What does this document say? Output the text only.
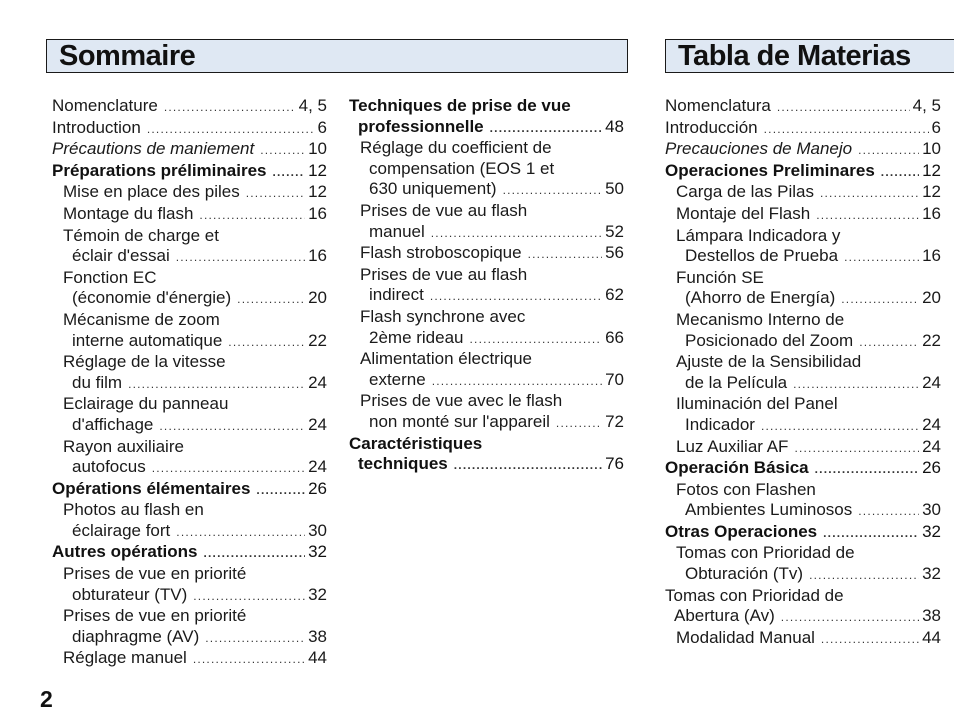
Sommaire	Tabla de Materias
Nomenclature .....	4, 5
Introduction .....	6
Précautions de maniement .....	10
Préparations préliminaires ..... 12
Mise en place des piles .....	12
Montage du flash .....	16
Témoin de charge et
éclair d'essai .....	16
Fonction EC
(économie d'énergie) .....	20
Mécanisme de zoom
interne automatique .....	22
Réglage de la vitesse
du film .....	24
Eclairage du panneau
d'affichage .....	24
Rayon auxiliaire
autofocus .....	24
Opérations élémentaires .....	26
Photos au flash en
éclairage fort .....	30
Autres opérations .....	32
Prises de vue en priorité
obturateur (TV) .....	32
Prises de vue en priorité
diaphragme (AV) .....	38
Réglage manuel .....	44
Techniques de prise de vue
professionnelle .....	48
Réglage du coefficient de
compensation (EOS 1 et
630 uniquement) .....	50
Prises de vue au flash
manuel .....	52
Flash stroboscopique .....	56
Prises de vue au flash
indirect .....	62
Flash synchrone avec
2ème rideau .....	66
Alimentation électrique
externe .....	70
Prises de vue avec le flash
non monté sur l'appareil .....	72
Caractéristiques
techniques .....	76
Nomenclatura .....	4, 5
Introducción .....	6
Precauciones de Manejo .....	10
Operaciones Preliminares .....	12
Carga de las Pilas .....	12
Montaje del Flash .....	16
Lámpara Indicadora y
Destellos de Prueba .....	16
Función SE
(Ahorro de Energía) .....	20
Mecanismo Interno de
Posicionado del Zoom .....	22
Ajuste de la Sensibilidad
de la Película .....	24
Iluminación del Panel
Indicador .....	24
Luz Auxiliar AF .....	24
Operación Básica .....	26
Fotos con Flashen
Ambientes Luminosos .....	30
Otras Operaciones .....	32
Tomas con Prioridad de
Obturación (Tv) .....	32
Tomas con Prioridad de
Abertura (Av) .....	38
Modalidad Manual .....	44
2
